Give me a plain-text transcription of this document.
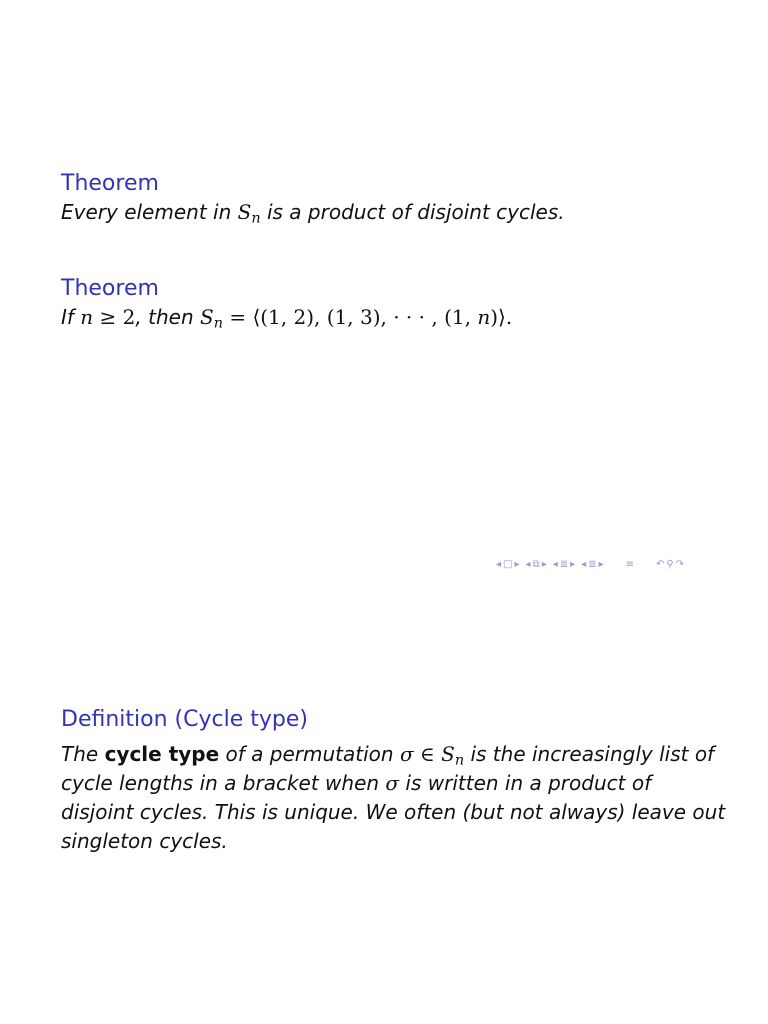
Theorem
Every element in $S_n$ is a product of disjoint cycles.
Theorem
If n ≥ 2, then $S_n$ = ⟨(1, 2), (1, 3), · · · , (1, n)⟩.
◂ □ ▸ ◂ ⧉ ▸ ◂ ≣ ▸ ◂ ≣ ▸ ≡ ↶ ⚲ ↷
Definition (Cycle type)
The cycle type of a permutation σ ∈ $S_n$ is the increasingly list of cycle lengths in a bracket when σ is written in a product of disjoint cycles. This is unique. We often (but not always) leave out singleton cycles.
